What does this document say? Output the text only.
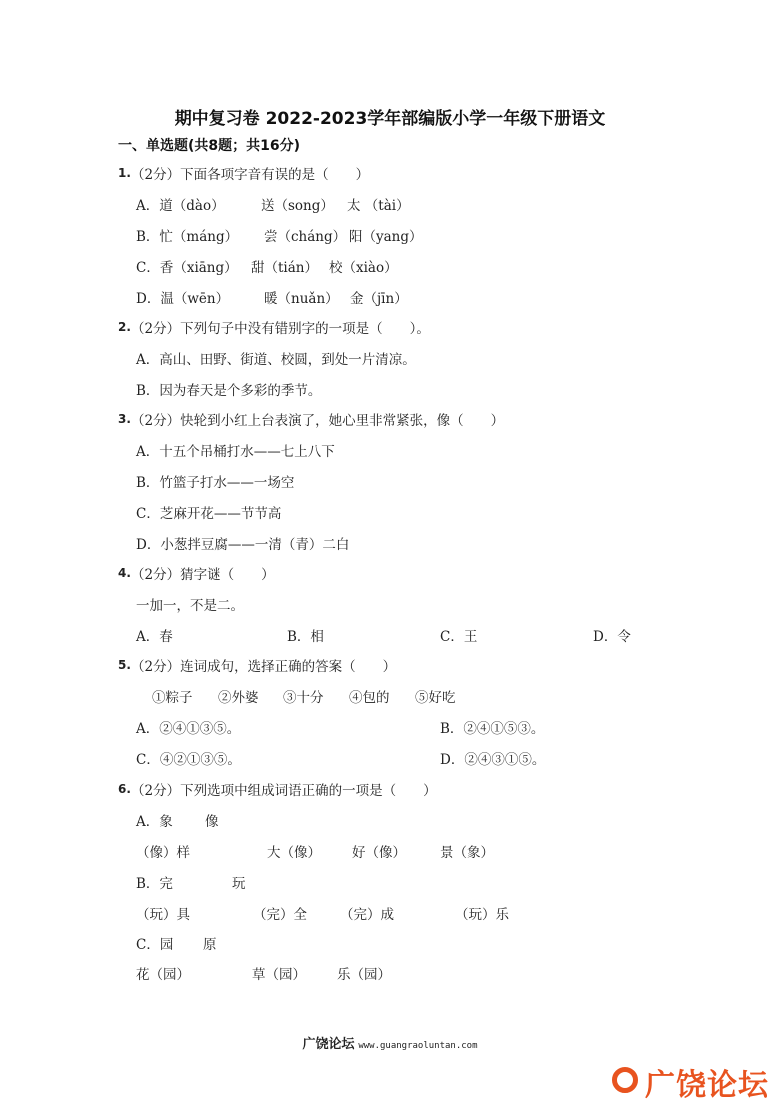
期中复习卷 2022-2023学年部编版小学一年级下册语文
一、单选题(共8题；共16分)
1. （2分）下面各项字音有误的是（　　）
A．道（dào）	送（song） 太 （tài）
B．忙（máng） 尝（cháng） 阳（yang）
C．香（xiāng） 甜（tián） 校（xiào）
D．温（wēn）	暖（nuǎn） 金（jīn）
2. （2分）下列句子中没有错别字的一项是（　　）。
A．高山、田野、街道、校圆，到处一片清凉。
B．因为春天是个多彩的季节。
3. （2分）快轮到小红上台表演了，她心里非常紧张，像（　　）
A．十五个吊桶打水——七上八下
B．竹篮子打水——一场空
C．芝麻开花——节节高
D．小葱拌豆腐——一清（青）二白
4. （2分）猜字谜（　　）
一加一，不是二。
A．春	B．相	C．王	D．令
5. （2分）连词成句，选择正确的答案（　　）
①粽子 ②外婆 ③十分 ④包的 ⑤好吃
A．②④①③⑤。	B．②④①⑤③。
C．④②①③⑤。	D．②④③①⑤。
6. （2分）下列选项中组成词语正确的一项是（　　）
A．象 像
（像）样	大（像） 好（像）	景（象）
B．完	玩
（玩）具	（完）全 （完）成	（玩）乐
C．园 原
花（园）	草（园） 乐（园）
广饶论坛 www.guangraoluntan.com
广饶论坛
